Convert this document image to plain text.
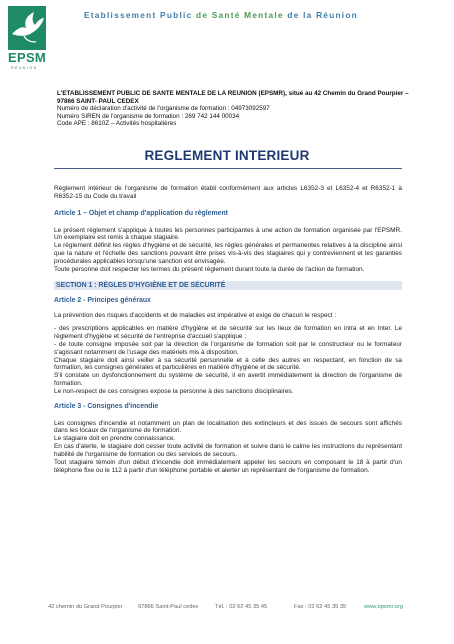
EPSM
RÉUNION
Etablissement Public de Santé Mentale de la Réunion
L'ETABLISSEMENT PUBLIC DE SANTE MENTALE DE LA REUNION (EPSMR), situé au 42 Chemin du Grand Pourpier – 97866 SAINT- PAUL CEDEX
Numéro de déclaration d'activité de l'organisme de formation : 04973092597
Numéro SIREN de l'organisme de formation : 269 742 144 00034
Code APE : 8610Z – Activités hospitalières
REGLEMENT INTERIEUR

Règlement intérieur de l'organisme de formation établi conformément aux articles L6352-3 et L6352-4 et R6352-1 à R6352-15 du Code du travail

Article 1 – Objet et champ d'application du règlement

Le présent règlement s'applique à toutes les personnes participantes à une action de formation organisée par l'EPSMR. Un exemplaire est remis à chaque stagiaire.

Le règlement définit les règles d'hygiène et de sécurité, les règles générales et permanentes relatives à la discipline ainsi que la nature et l'échelle des sanctions pouvant être prises vis-à-vis des stagiaires qui y contreviennent et les garanties procédurales applicables lorsqu'une sanction est envisagée.

Toute personne doit respecter les termes du présent règlement durant toute la durée de l'action de formation.

SECTION 1 : RÈGLES D'HYGIÈNE ET DE SÉCURITÉ

Article 2 - Principes généraux

La prévention des risques d'accidents et de maladies est impérative et exige de chacun le respect :

- des prescriptions applicables en matière d'hygiène et de sécurité sur les lieux de formation en intra et en Inter. Le règlement d'hygiène et sécurité de l'entreprise d'accueil s'applique ;

- de toute consigne imposée soit par la direction de l'organisme de formation soit par le constructeur ou le formateur s'agissant notamment de l'usage des matériels mis à disposition.

Chaque stagiaire doit ainsi veiller à sa sécurité personnelle et à celle des autres en respectant, en fonction de sa formation, les consignes générales et particulières en matière d'hygiène et de sécurité.

S'il constate un dysfonctionnement du système de sécurité, il en avertit immédiatement la direction de l'organisme de formation.

Le non-respect de ces consignes expose la personne à des sanctions disciplinaires.

Article 3 - Consignes d'incendie

Les consignes d'incendie et notamment un plan de localisation des extincteurs et des issues de secours sont affichés dans les locaux de l'organisme de formation.

Le stagiaire doit en prendre connaissance.

En cas d'alerte, le stagiaire doit cesser toute activité de formation et suivre dans le calme les instructions du représentant habilité de l'organisme de formation ou des services de secours.

Tout stagiaire témoin d'un début d'incendie doit immédiatement appeler les secours en composant le 18 à partir d'un téléphone fixe ou le 112 à partir d'un téléphone portable et alerter un représentant de l'organisme de formation.

42 chemin du Grand Pourpier	97866 Saint-Paul cedex	Tél. : 02 62 45 35 45	Fax : 02 62 45 35 35	www.epsmr.org
